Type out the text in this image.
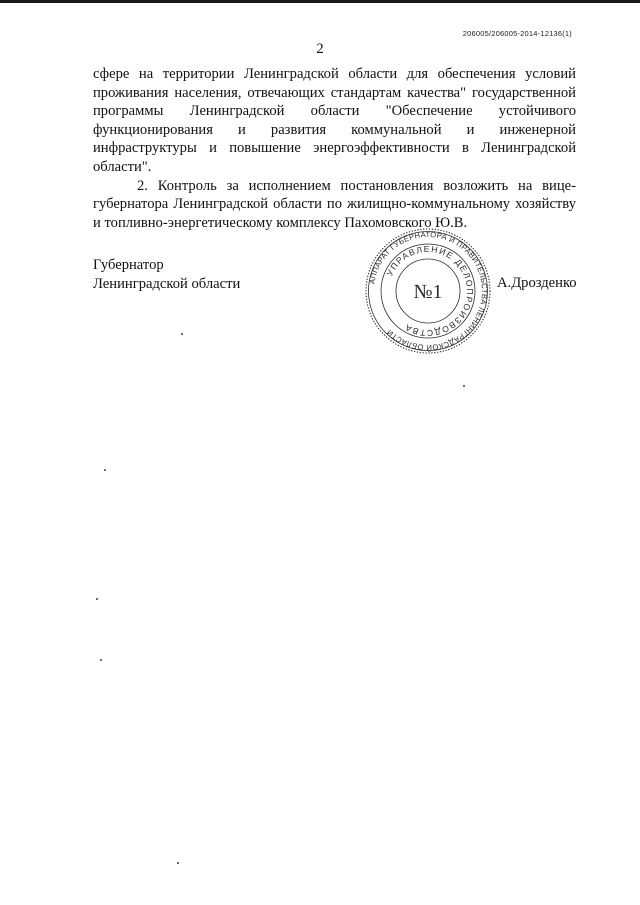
206005/206005-2014-12136(1)
2

сфере на территории Ленинградской области для обеспечения условий проживания населения, отвечающих стандартам качества" государственной программы Ленинградской области "Обеспечение устойчивого функционирования и развития коммунальной и инженерной инфраструктуры и повышение энергоэффективности в Ленинградской области".

2. Контроль за исполнением постановления возложить на вице-губернатора Ленинградской области по жилищно-коммунальному хозяйству и топливно-энергетическому комплексу Пахомовского Ю.В.

Губернатор
Ленинградской области	АППАРАТ ГУБЕРНАТОРА И ПРАВИТЕЛЬСТВА ЛЕНИНГРАДСКОЙ ОБЛАСТИ
УПРАВЛЕНИЕ ДЕЛОПРОИЗВОДСТВА
№1	А.Дрозденко
